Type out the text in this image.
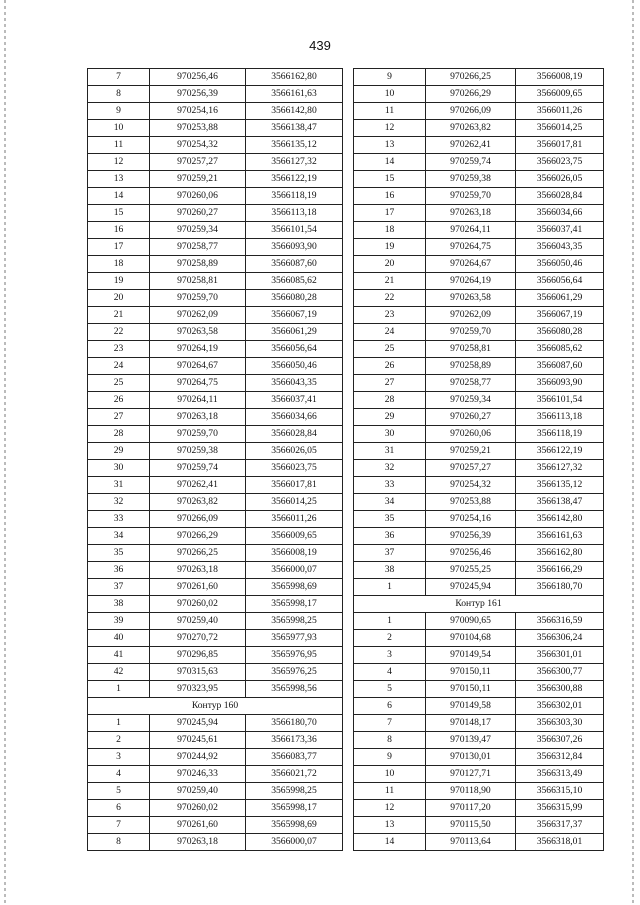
439
7	970256,46	3566162,80
8	970256,39	3566161,63
9	970254,16	3566142,80
10	970253,88	3566138,47
11	970254,32	3566135,12
12	970257,27	3566127,32
13	970259,21	3566122,19
14	970260,06	3566118,19
15	970260,27	3566113,18
16	970259,34	3566101,54
17	970258,77	3566093,90
18	970258,89	3566087,60
19	970258,81	3566085,62
20	970259,70	3566080,28
21	970262,09	3566067,19
22	970263,58	3566061,29
23	970264,19	3566056,64
24	970264,67	3566050,46
25	970264,75	3566043,35
26	970264,11	3566037,41
27	970263,18	3566034,66
28	970259,70	3566028,84
29	970259,38	3566026,05
30	970259,74	3566023,75
31	970262,41	3566017,81
32	970263,82	3566014,25
33	970266,09	3566011,26
34	970266,29	3566009,65
35	970266,25	3566008,19
36	970263,18	3566000,07
37	970261,60	3565998,69
38	970260,02	3565998,17
39	970259,40	3565998,25
40	970270,72	3565977,93
41	970296,85	3565976,95
42	970315,63	3565976,25
1	970323,95	3565998,56
Контур 160		
1	970245,94	3566180,70
2	970245,61	3566173,36
3	970244,92	3566083,77
4	970246,33	3566021,72
5	970259,40	3565998,25
6	970260,02	3565998,17
7	970261,60	3565998,69
8	970263,18	3566000,07
9	970266,25	3566008,19
10	970266,29	3566009,65
11	970266,09	3566011,26
12	970263,82	3566014,25
13	970262,41	3566017,81
14	970259,74	3566023,75
15	970259,38	3566026,05
16	970259,70	3566028,84
17	970263,18	3566034,66
18	970264,11	3566037,41
19	970264,75	3566043,35
20	970264,67	3566050,46
21	970264,19	3566056,64
22	970263,58	3566061,29
23	970262,09	3566067,19
24	970259,70	3566080,28
25	970258,81	3566085,62
26	970258,89	3566087,60
27	970258,77	3566093,90
28	970259,34	3566101,54
29	970260,27	3566113,18
30	970260,06	3566118,19
31	970259,21	3566122,19
32	970257,27	3566127,32
33	970254,32	3566135,12
34	970253,88	3566138,47
35	970254,16	3566142,80
36	970256,39	3566161,63
37	970256,46	3566162,80
38	970255,25	3566166,29
1	970245,94	3566180,70
Контур 161		
1	970090,65	3566316,59
2	970104,68	3566306,24
3	970149,54	3566301,01
4	970150,11	3566300,77
5	970150,11	3566300,88
6	970149,58	3566302,01
7	970148,17	3566303,30
8	970139,47	3566307,26
9	970130,01	3566312,84
10	970127,71	3566313,49
11	970118,90	3566315,10
12	970117,20	3566315,99
13	970115,50	3566317,37
14	970113,64	3566318,01
